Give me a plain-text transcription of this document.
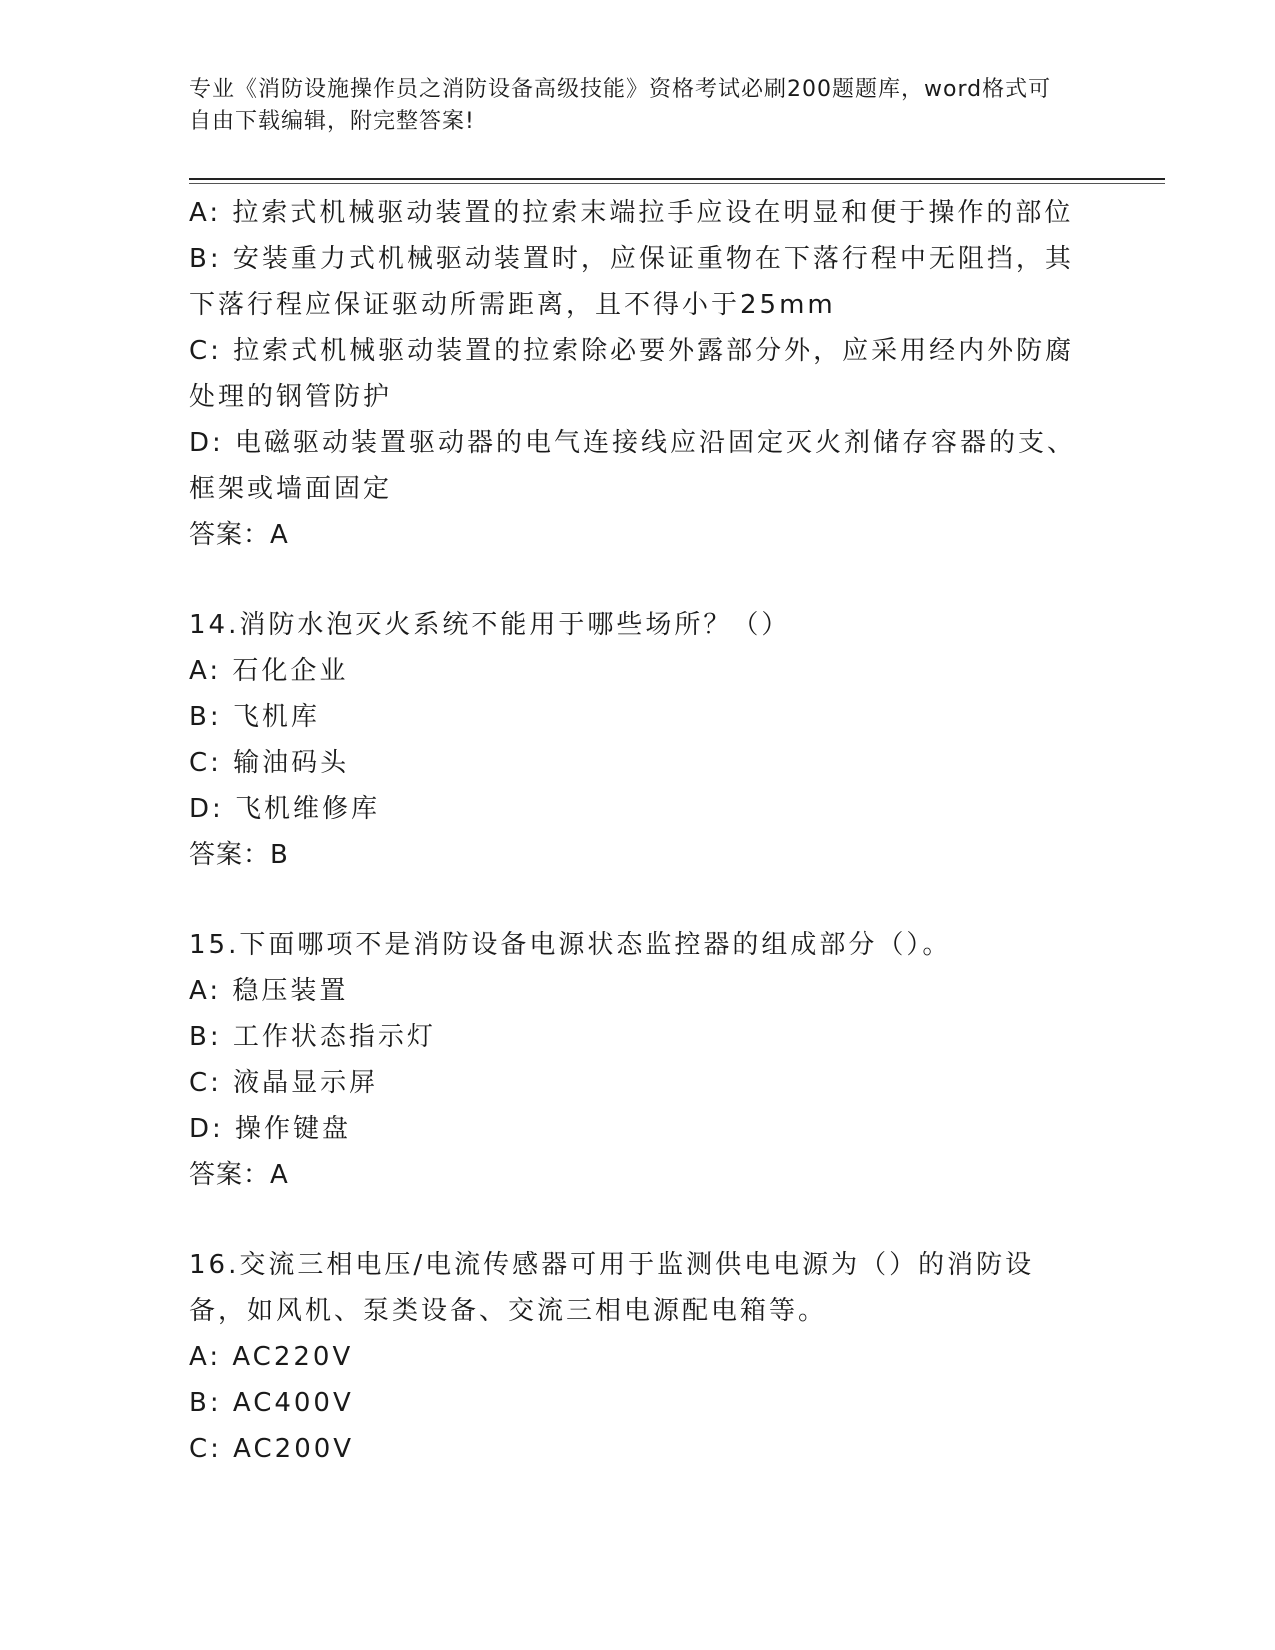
专业《消防设施操作员之消防设备高级技能》资格考试必刷200题题库，word格式可自由下载编辑，附完整答案!
A: 拉索式机械驱动装置的拉索末端拉手应设在明显和便于操作的部位
B: 安装重力式机械驱动装置时，应保证重物在下落行程中无阻挡，其下落行程应保证驱动所需距离，且不得小于25mm
C: 拉索式机械驱动装置的拉索除必要外露部分外，应采用经内外防腐处理的钢管防护
D: 电磁驱动装置驱动器的电气连接线应沿固定灭火剂储存容器的支、框架或墙面固定
答案：A
14.消防水泡灭火系统不能用于哪些场所？（）
A: 石化企业
B: 飞机库
C: 输油码头
D: 飞机维修库
答案：B
15.下面哪项不是消防设备电源状态监控器的组成部分（）。
A: 稳压装置
B: 工作状态指示灯
C: 液晶显示屏
D: 操作键盘
答案：A
16.交流三相电压/电流传感器可用于监测供电电源为（）的消防设备，如风机、泵类设备、交流三相电源配电箱等。
A: AC220V
B: AC400V
C: AC200V
